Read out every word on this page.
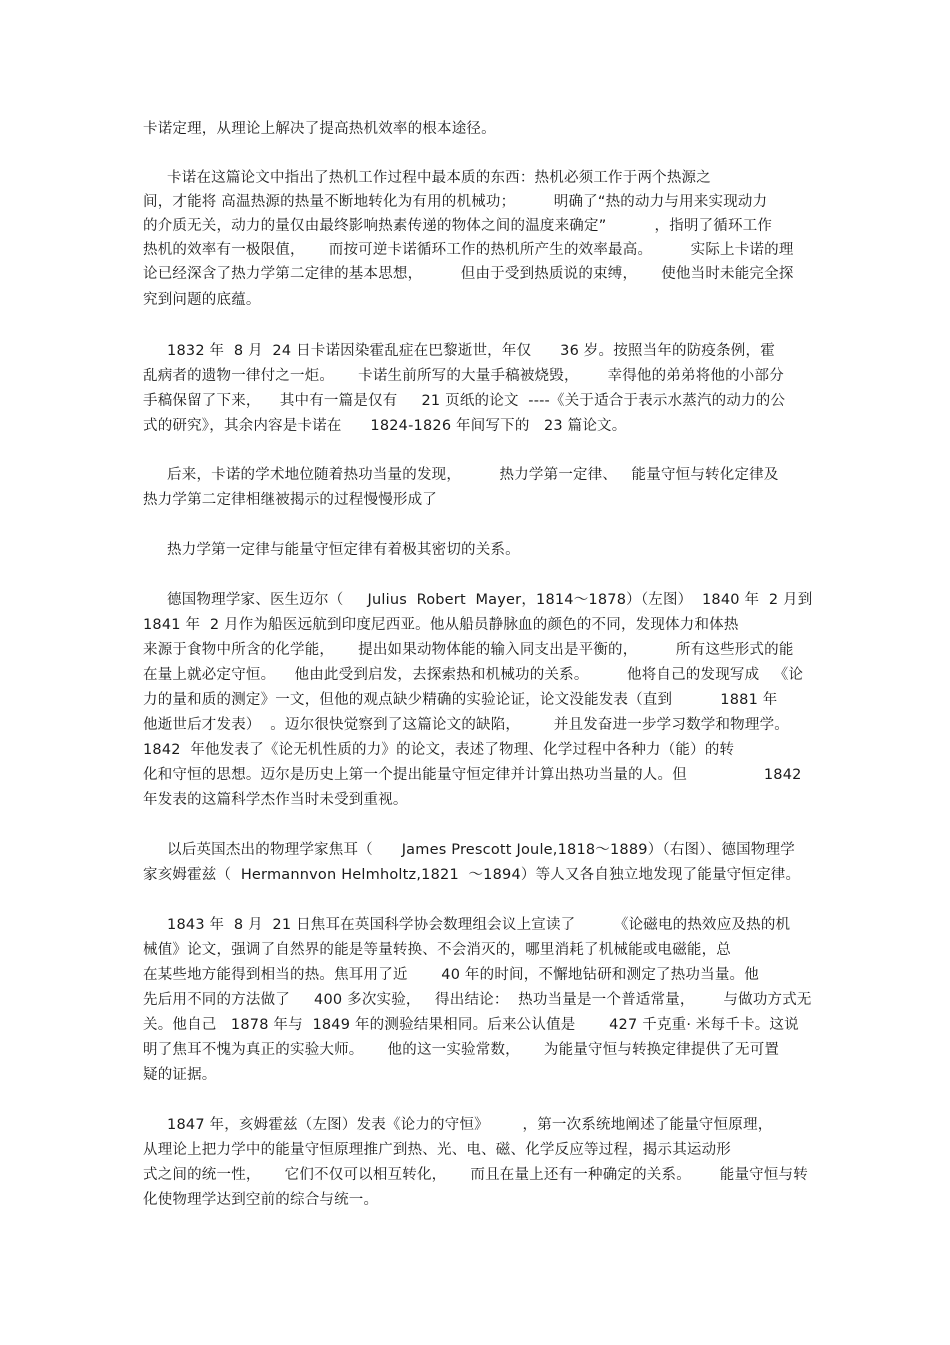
卡诺定理，从理论上解决了提高热机效率的根本途径。
卡诺在这篇论文中指出了热机工作过程中最本质的东西：热机必须工作于两个热源之
间，才能将 高温热源的热量不断地转化为有用的机械功；        明确了“热的动力与用来实现动力
的介质无关，动力的量仅由最终影响热素传递的物体之间的温度来确定”          ，指明了循环工作
热机的效率有一极限值，     而按可逆卡诺循环工作的热机所产生的效率最高。        实际上卡诺的理
论已经深含了热力学第二定律的基本思想，        但由于受到热质说的束缚，     使他当时未能完全探
究到问题的底蕴。
1832 年  8 月  24 日卡诺因染霍乱症在巴黎逝世，年仅      36 岁。按照当年的防疫条例，霍
乱病者的遗物一律付之一炬。     卡诺生前所写的大量手稿被烧毁，      幸得他的弟弟将他的小部分
手稿保留了下来，    其中有一篇是仅有     21 页纸的论文  ----《关于适合于表示水蒸汽的动力的公
式的研究》，其余内容是卡诺在      1824-1826 年间写下的   23 篇论文。
后来，卡诺的学术地位随着热功当量的发现，        热力学第一定律、   能量守恒与转化定律及
热力学第二定律相继被揭示的过程慢慢形成了
热力学第一定律与能量守恒定律有着极其密切的关系。
德国物理学家、医生迈尔（     Julius  Robert  Mayer，1814～1878）（左图）  1840 年  2 月到
1841 年  2 月作为船医远航到印度尼西亚。他从船员静脉血的颜色的不同，发现体力和体热
来源于食物中所含的化学能，     提出如果动物体能的输入同支出是平衡的，        所有这些形式的能
在量上就必定守恒。    他由此受到启发，去探索热和机械功的关系。        他将自己的发现写成   《论
力的量和质的测定》一文，但他的观点缺少精确的实验论证，论文没能发表（直到          1881 年
他逝世后才发表）  。迈尔很快觉察到了这篇论文的缺陷，       并且发奋进一步学习数学和物理学。
1842  年他发表了《论无机性质的力》的论文，表述了物理、化学过程中各种力（能）的转
化和守恒的思想。迈尔是历史上第一个提出能量守恒定律并计算出热功当量的人。但                1842
年发表的这篇科学杰作当时未受到重视。
以后英国杰出的物理学家焦耳（      James Prescott Joule,1818～1889）（右图）、德国物理学
家亥姆霍兹（  Hermannvon Helmholtz,1821  ～1894）等人又各自独立地发现了能量守恒定律。
1843 年  8 月  21 日焦耳在英国科学协会数理组会议上宣读了        《论磁电的热效应及热的机
械值》论文，强调了自然界的能是等量转换、不会消灭的，哪里消耗了机械能或电磁能，总
在某些地方能得到相当的热。焦耳用了近       40 年的时间，不懈地钻研和测定了热功当量。他
先后用不同的方法做了     400 多次实验，   得出结论：  热功当量是一个普适常量，      与做功方式无
关。他自己   1878 年与  1849 年的测验结果相同。后来公认值是       427 千克重· 米每千卡。这说
明了焦耳不愧为真正的实验大师。     他的这一实验常数，     为能量守恒与转换定律提供了无可置
疑的证据。
1847 年，亥姆霍兹（左图）发表《论力的守恒》       ，第一次系统地阐述了能量守恒原理，
从理论上把力学中的能量守恒原理推广到热、光、电、磁、化学反应等过程，揭示其运动形
式之间的统一性，     它们不仅可以相互转化，     而且在量上还有一种确定的关系。      能量守恒与转
化使物理学达到空前的综合与统一。
